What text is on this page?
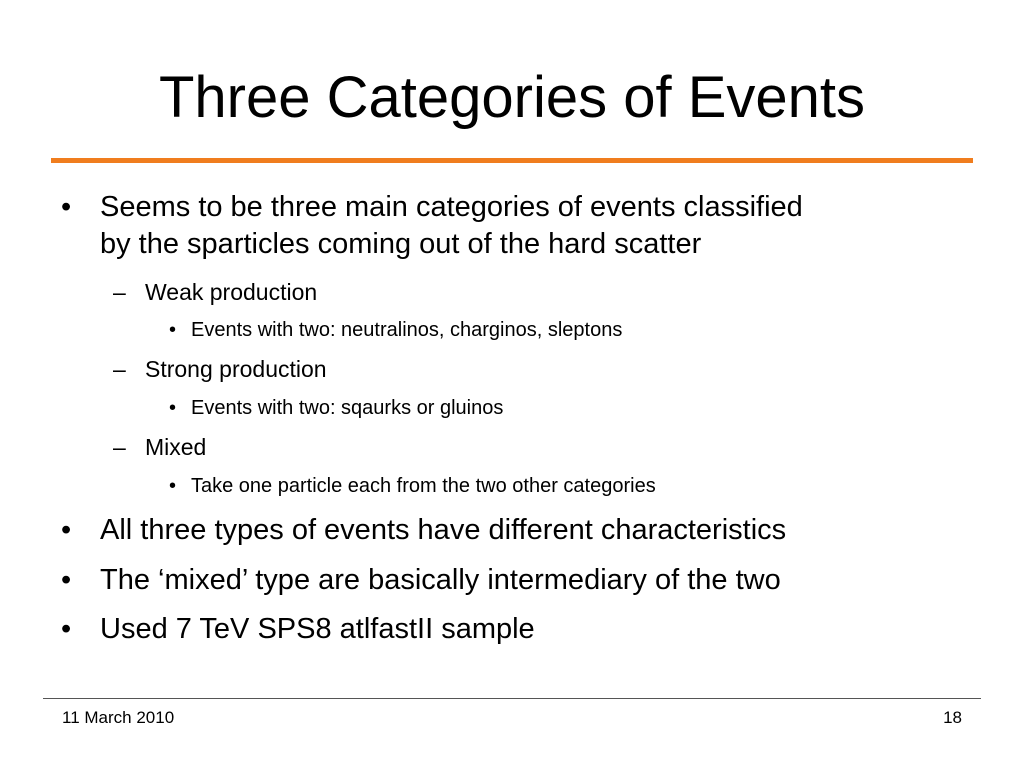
Three Categories of Events
• Seems to be three main categories of events classified
by the sparticles coming out of the hard scatter
– Weak production
• Events with two: neutralinos, charginos, sleptons
– Strong production
• Events with two: sqaurks or gluinos
– Mixed
• Take one particle each from the two other categories
• All three types of events have different characteristics
• The ‘mixed’ type are basically intermediary of the two
• Used 7 TeV SPS8 atlfastII sample
11 March 2010	18
